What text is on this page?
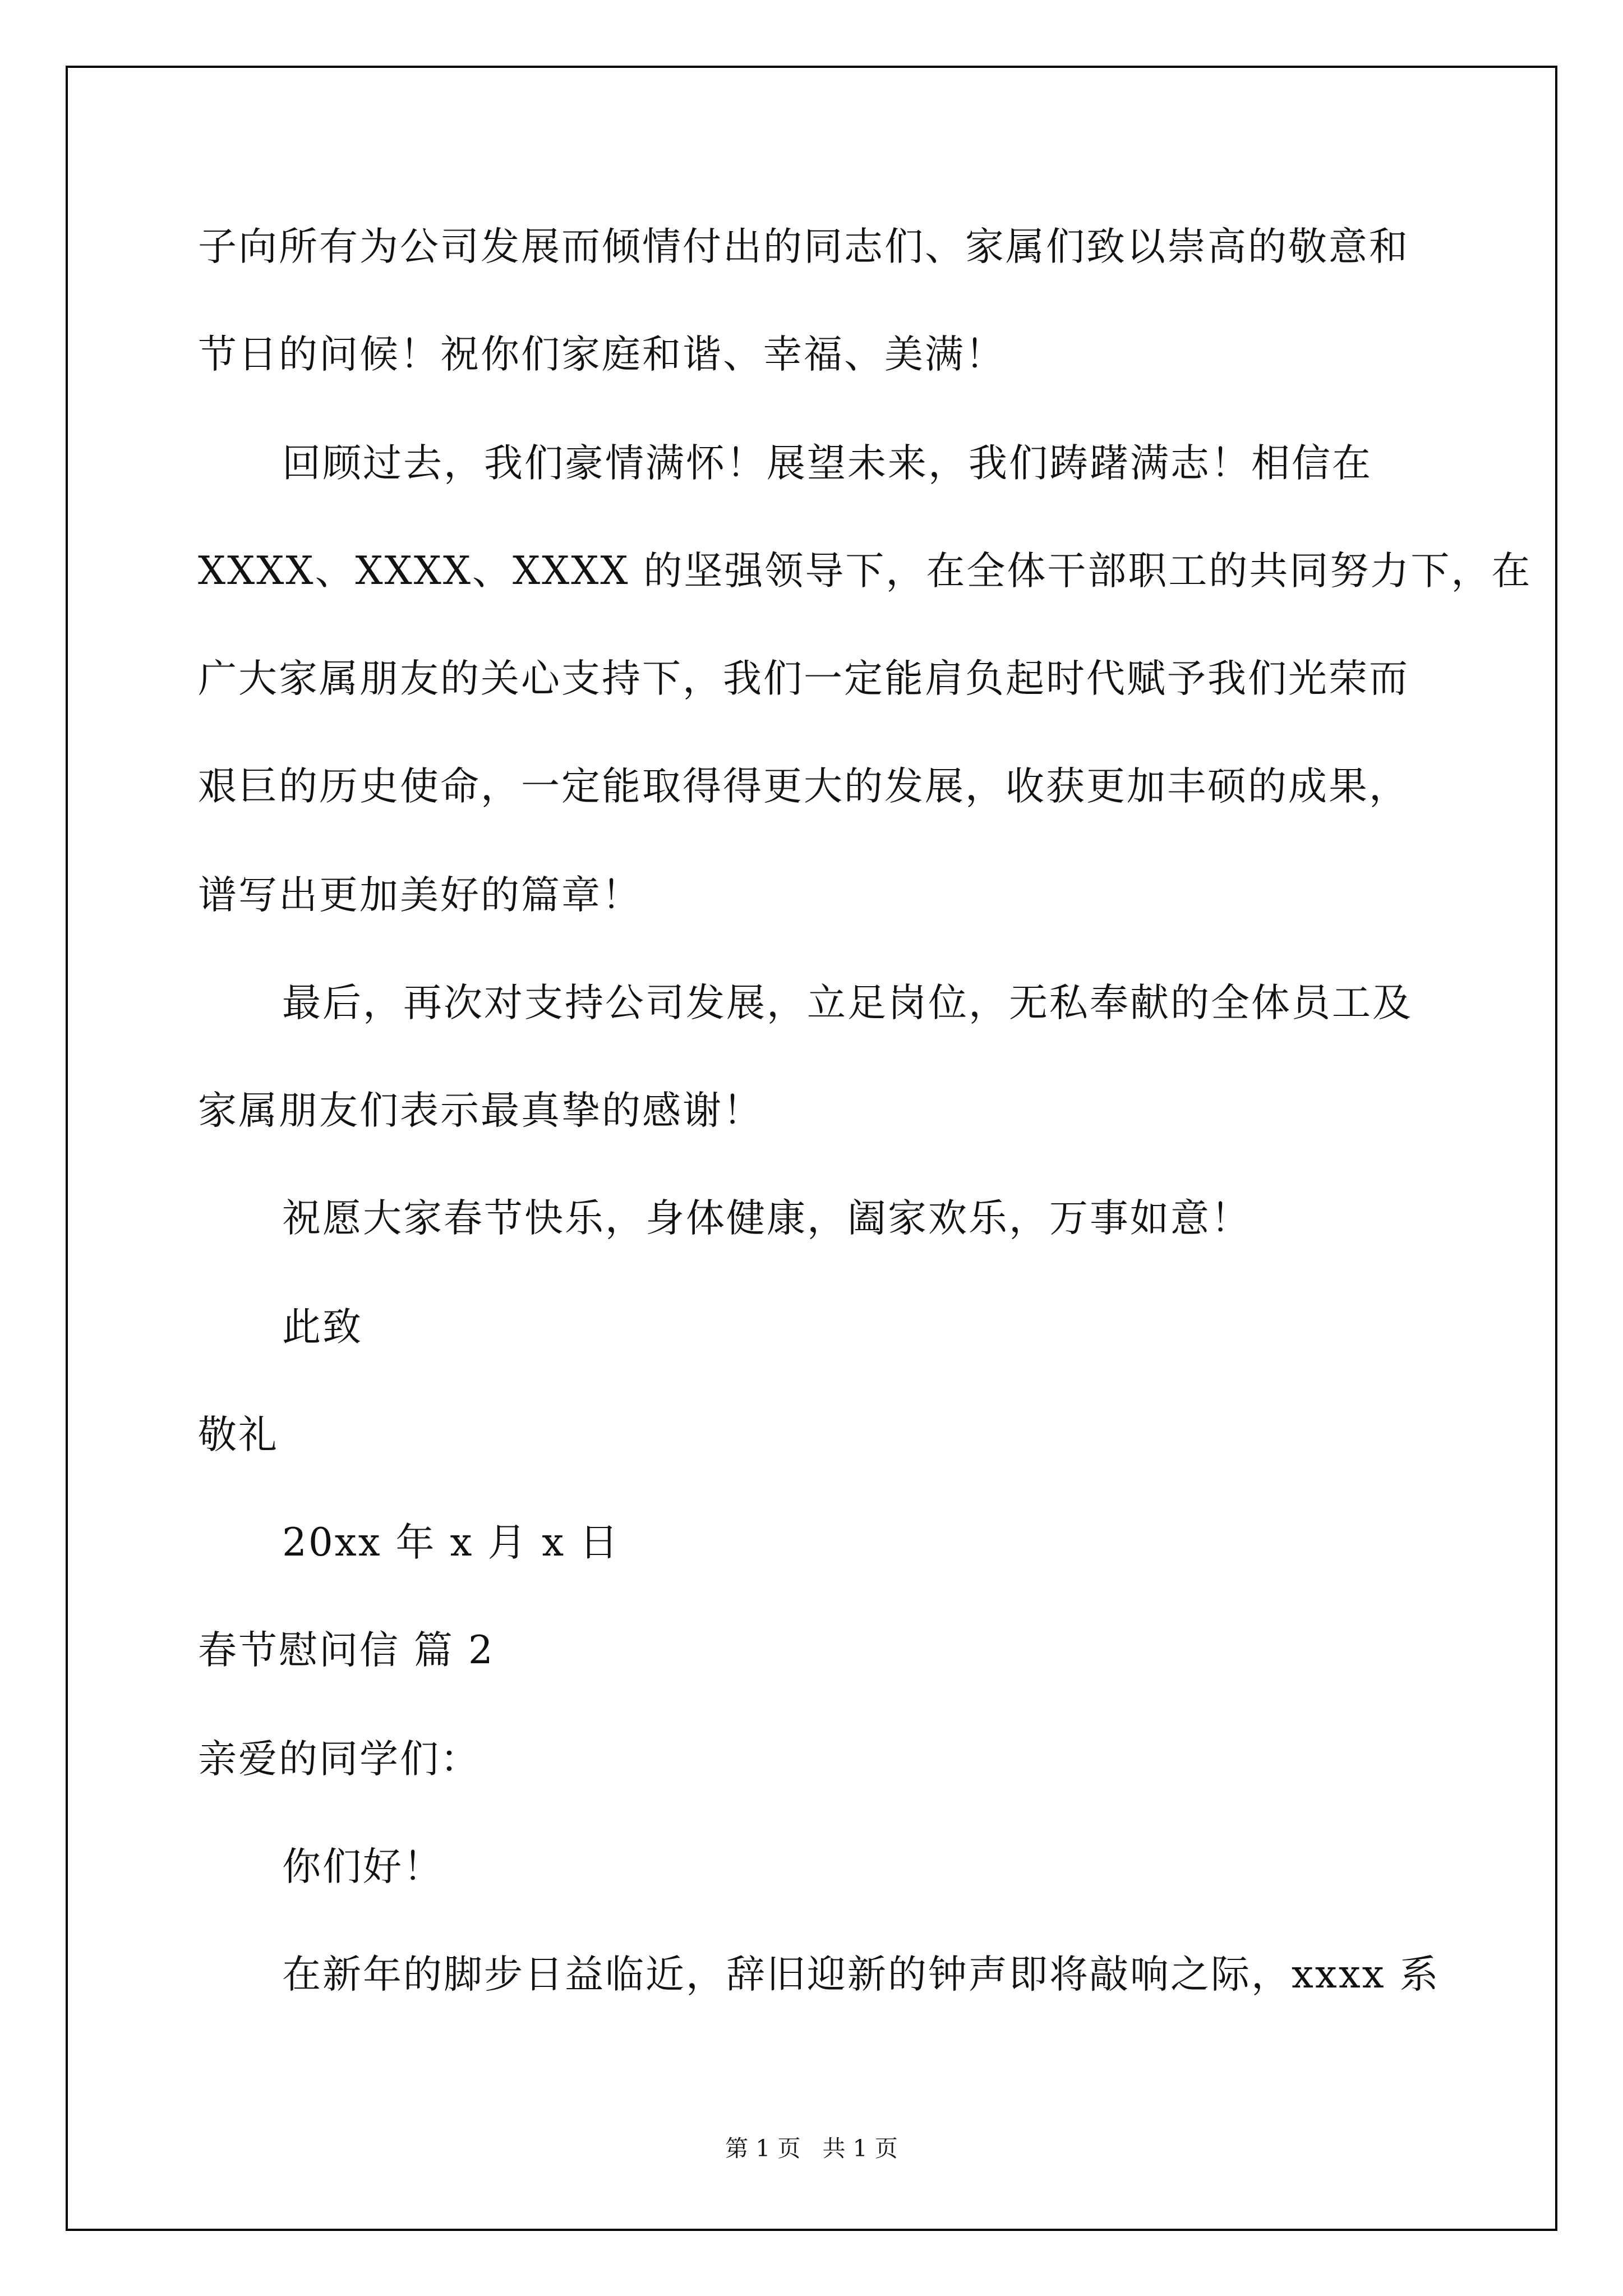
子向所有为公司发展而倾情付出的同志们、家属们致以崇高的敬意和
节日的问候！祝你们家庭和谐、幸福、美满！
回顾过去，我们豪情满怀！展望未来，我们踌躇满志！相信在
XXXX、XXXX、XXXX 的坚强领导下，在全体干部职工的共同努力下，在
广大家属朋友的关心支持下，我们一定能肩负起时代赋予我们光荣而
艰巨的历史使命，一定能取得得更大的发展，收获更加丰硕的成果，
谱写出更加美好的篇章！
最后，再次对支持公司发展，立足岗位，无私奉献的全体员工及
家属朋友们表示最真挚的感谢！
祝愿大家春节快乐，身体健康，阖家欢乐，万事如意！
此致
敬礼
20xx 年 x 月 x 日
春节慰问信 篇 2
亲爱的同学们：
你们好！
在新年的脚步日益临近，辞旧迎新的钟声即将敲响之际，xxxx 系
第 1 页   共 1 页
